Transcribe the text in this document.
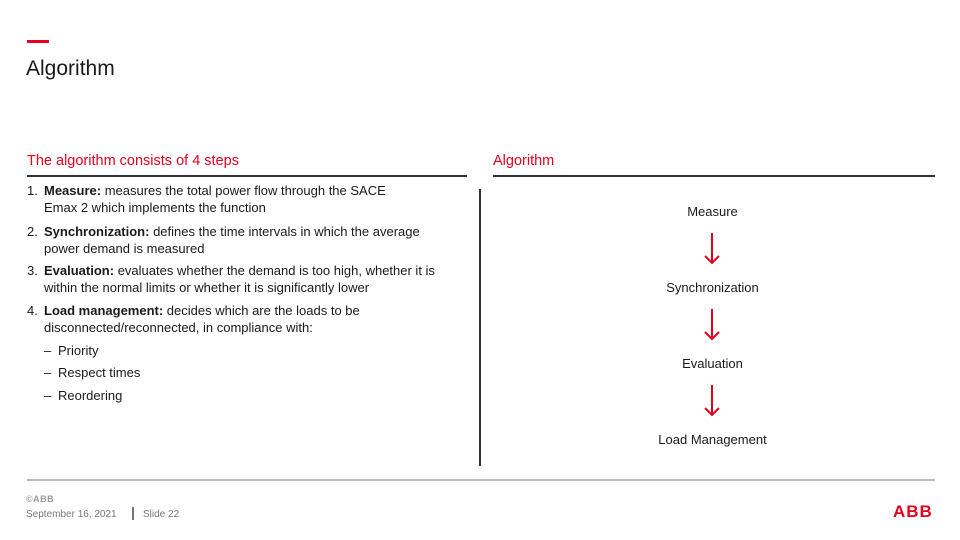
Algorithm
The algorithm consists of 4 steps
1. Measure: measures the total power flow through the SACE
Emax 2 which implements the function
2. Synchronization: defines the time intervals in which the average
power demand is measured
3. Evaluation: evaluates whether the demand is too high, whether it is
within the normal limits or whether it is significantly lower
4. Load management: decides which are the loads to be
disconnected/reconnected, in compliance with:
– Priority
– Respect times
– Reordering
Algorithm
Measure
Synchronization
Evaluation
Load Management
©ABB
September 16, 2021	Slide 22	ABB
